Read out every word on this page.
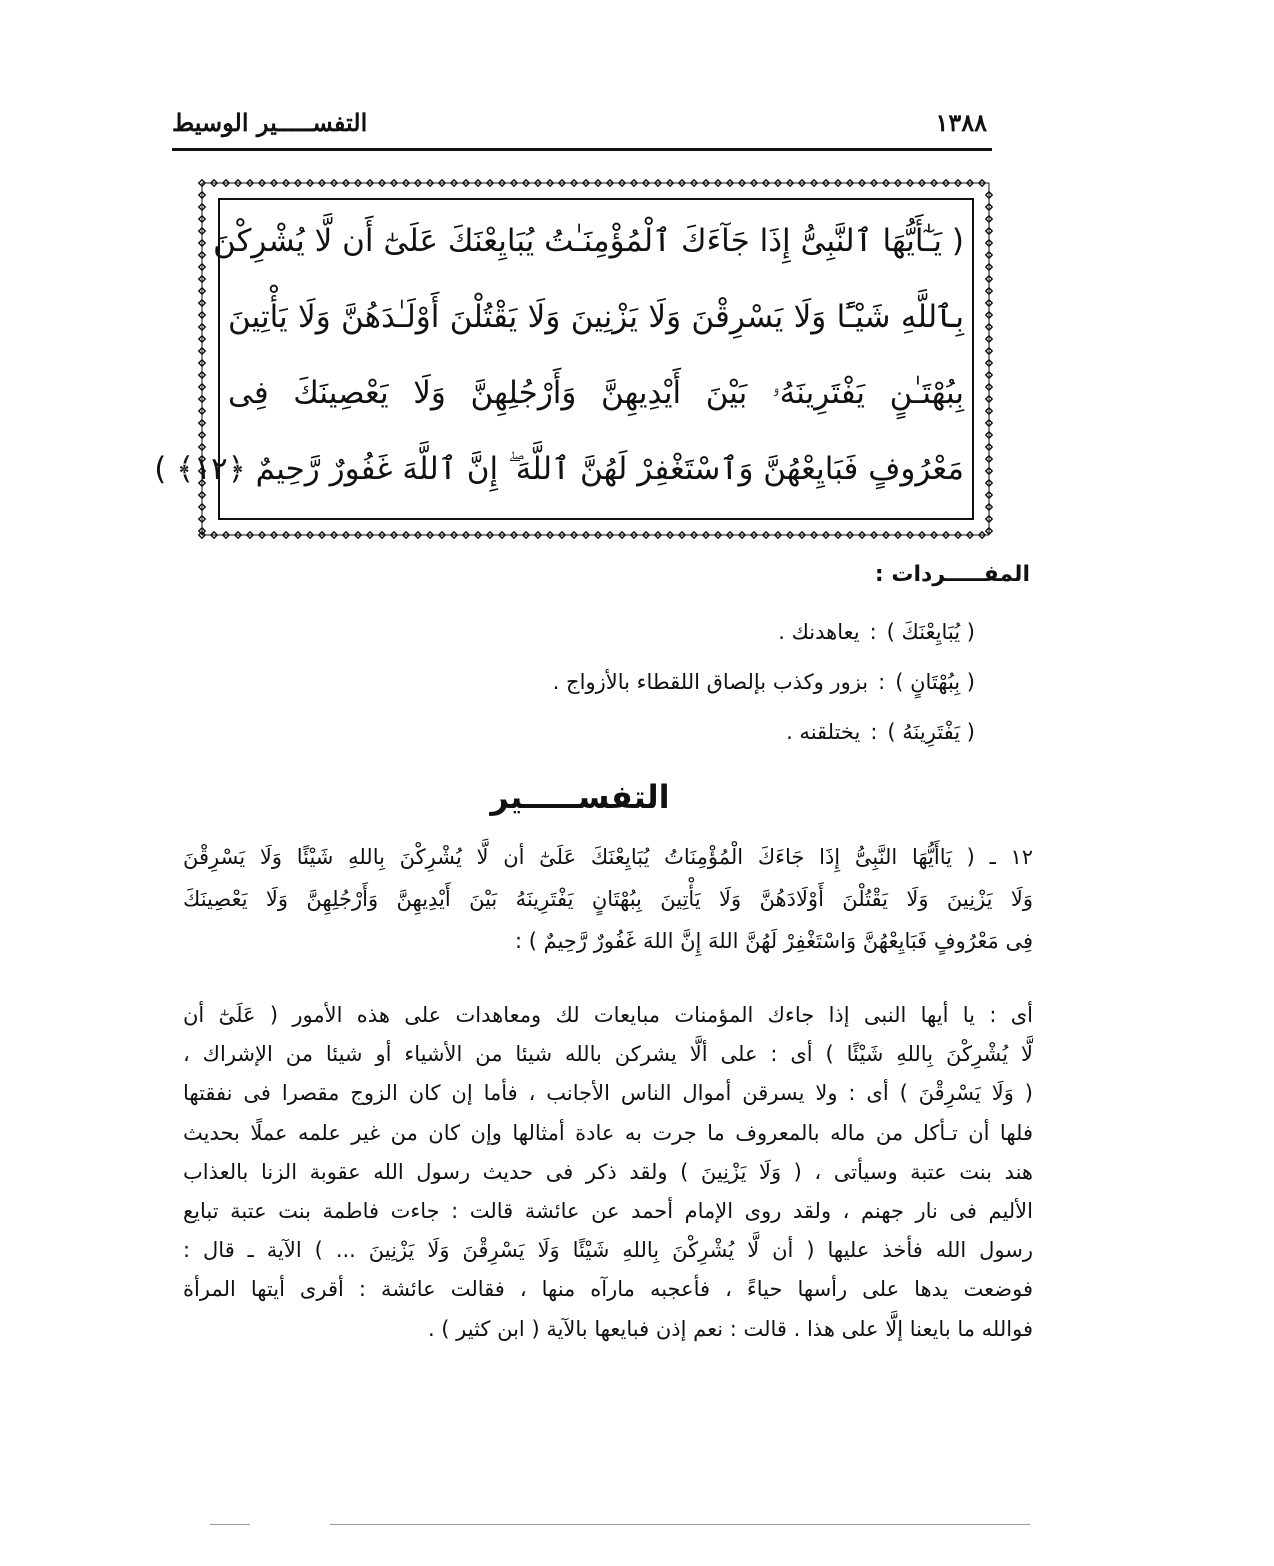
١٣٨٨
التفســـــير الوسيط
( يَـٰٓأَيُّهَا ٱلنَّبِىُّ إِذَا جَآءَكَ ٱلْمُؤْمِنَـٰتُ يُبَايِعْنَكَ عَلَىٰٓ أَن لَّا يُشْرِكْنَ
بِٱللَّهِ شَيْـًٔا وَلَا يَسْرِقْنَ وَلَا يَزْنِينَ وَلَا يَقْتُلْنَ أَوْلَـٰدَهُنَّ وَلَا يَأْتِينَ
بِبُهْتَـٰنٍ يَفْتَرِينَهُۥ بَيْنَ أَيْدِيهِنَّ وَأَرْجُلِهِنَّ وَلَا يَعْصِينَكَ فِى
مَعْرُوفٍ فَبَايِعْهُنَّ وَٱسْتَغْفِرْ لَهُنَّ ٱللَّهَ ۖ إِنَّ ٱللَّهَ غَفُورٌ رَّحِيمٌ ﴿١٢﴾ )
المفـــــردات :
( يُبَايِعْنَكَ ):يعاهدنك .
( بِبُهْتَانٍ ):بزور وكذب بإلصاق اللقطاء بالأزواج .
( يَفْتَرِينَهُ ):يختلقنه .
التفســـــير
١٢ ـ ( يَاأَيُّهَا النَّبِىُّ إِذَا جَاءَكَ الْمُؤْمِنَاتُ يُبَايِعْنَكَ عَلَىٰٓ أن لَّا يُشْرِكْنَ بِاللهِ شَيْئًا وَلَا يَسْرِقْنَ
وَلَا يَزْنِينَ وَلَا يَقْتُلْنَ أَوْلَادَهُنَّ وَلَا يَأْتِينَ بِبُهْتَانٍ يَفْتَرِينَهُ بَيْنَ أَيْدِيهِنَّ وَأَرْجُلِهِنَّ وَلَا يَعْصِينَكَ
فِى مَعْرُوفٍ فَبَايِعْهُنَّ وَاسْتَغْفِرْ لَهُنَّ اللهَ إِنَّ اللهَ غَفُورٌ رَّحِيمٌ ) :
أى : يا أيها النبى إذا جاءك المؤمنات مبايعات لك ومعاهدات على هذه الأمور ( عَلَىٰٓ أن
لَّا يُشْرِكْنَ بِاللهِ شَيْئًا ) أى : على ألَّا يشركن بالله شيئا من الأشياء أو شيئا من الإشراك ،
( وَلَا يَسْرِقْنَ ) أى : ولا يسرقن أموال الناس الأجانب ، فأما إن كان الزوج مقصرا فى نفقتها
فلها أن تـأكل من ماله بالمعروف ما جرت به عادة أمثالها وإن كان من غير علمه عملًا بحديث
هند بنت عتبة وسيأتى ، ( وَلَا يَزْنِينَ ) ولقد ذكر فى حديث رسول الله عقوبة الزنا بالعذاب
الأليم فى نار جهنم ، ولقد روى الإمام أحمد عن عائشة قالت : جاءت فاطمة بنت عتبة تبايع
رسول الله فأخذ عليها ( أن لَّا يُشْرِكْنَ بِاللهِ شَيْئًا وَلَا يَسْرِقْنَ وَلَا يَزْنِينَ ... ) الآية ـ قال :
فوضعت يدها على رأسها حياءً ، فأعجبه مارآه منها ، فقالت عائشة : أقرى أيتها المرأة
فوالله ما بايعنا إلَّا على هذا . قالت : نعم إذن فبايعها بالآية ( ابن كثير ) .
